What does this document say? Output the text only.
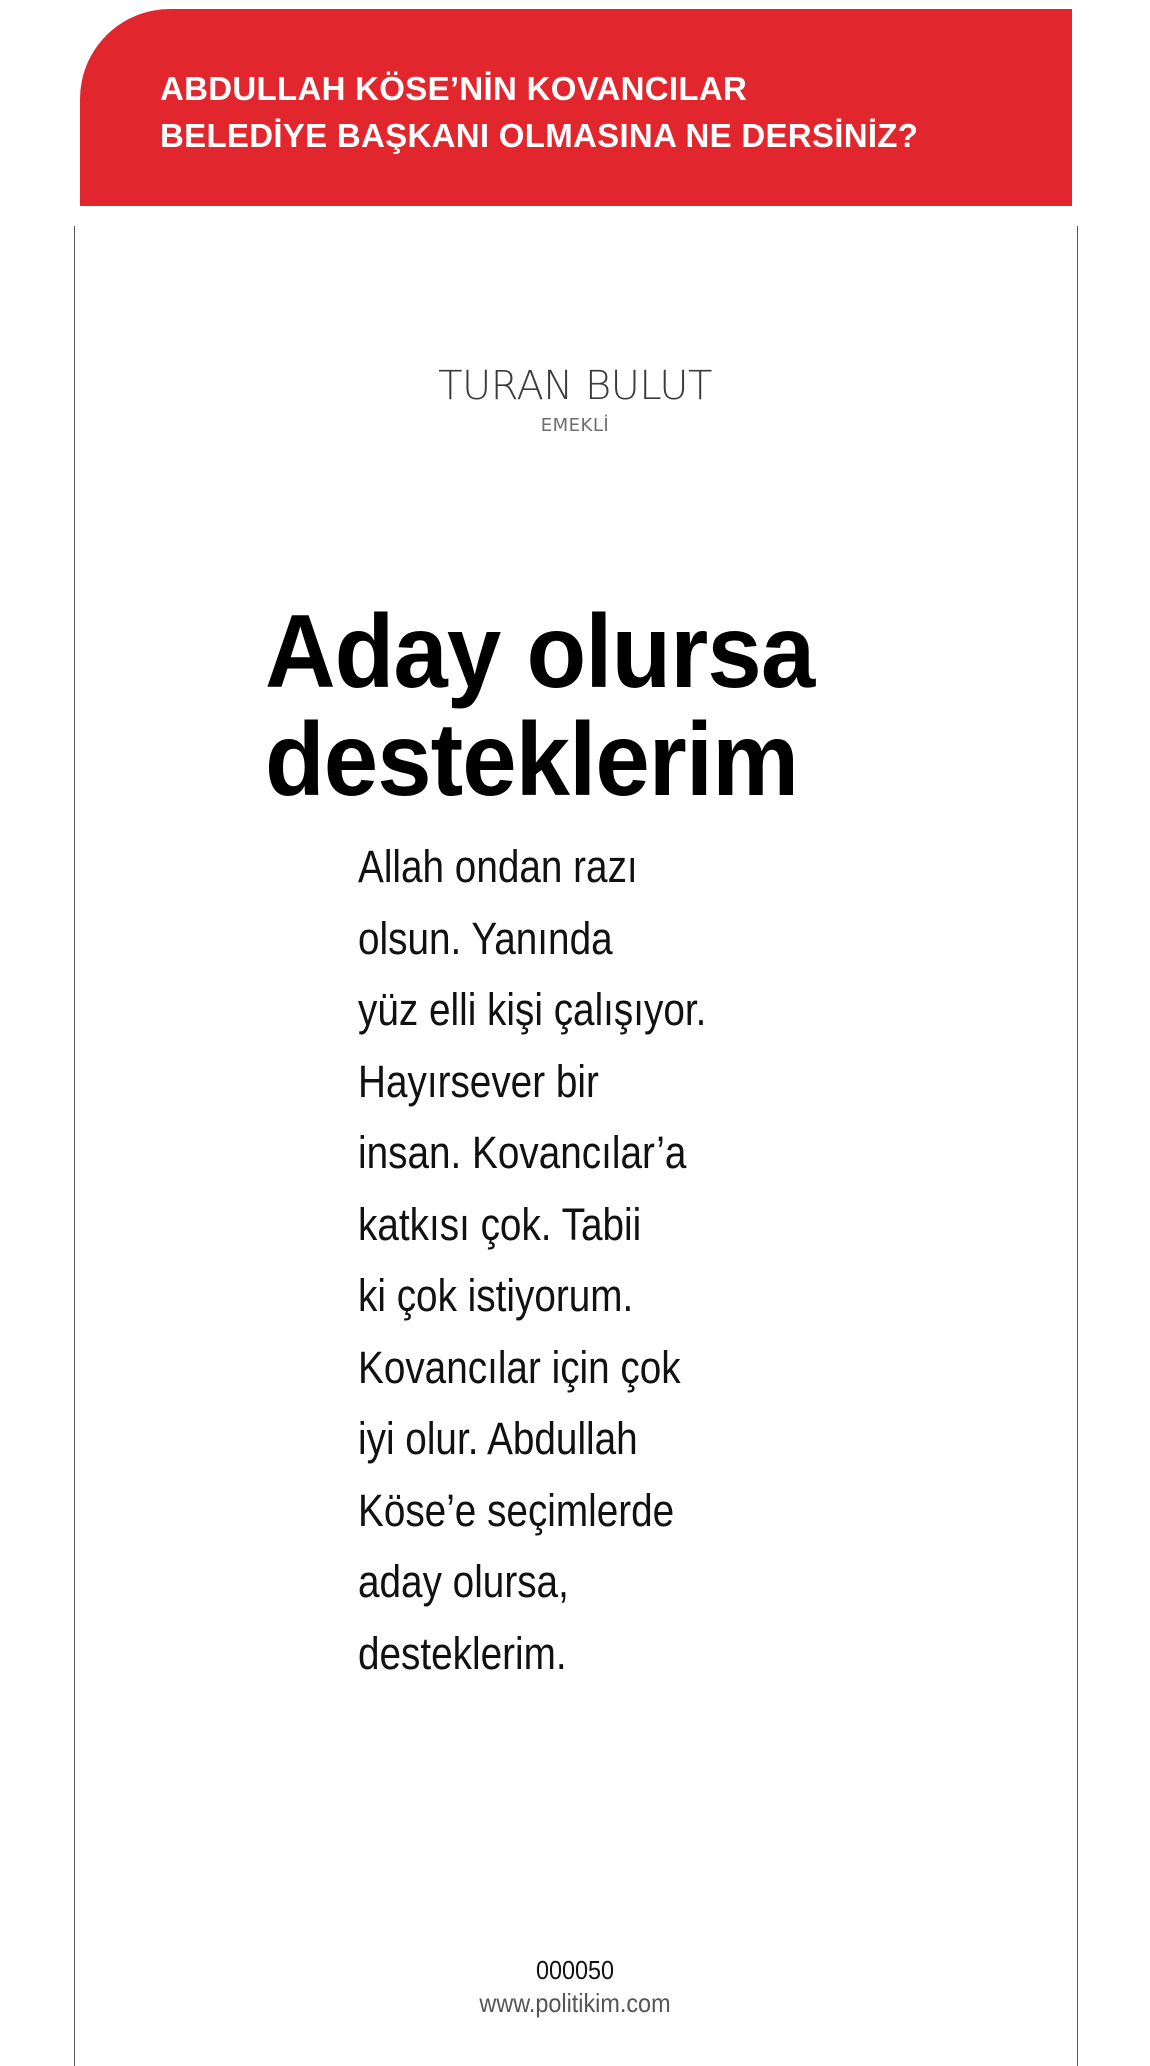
ABDULLAH KÖSE’NİN KOVANCILAR
BELEDİYE BAŞKANI OLMASINA NE DERSİNİZ?
TURAN BULUT
EMEKLİ
Aday olursa
desteklerim

Allah ondan razı
olsun. Yanında
yüz elli kişi çalışıyor.
Hayırsever bir
insan. Kovancılar’a
katkısı çok. Tabii
ki çok istiyorum.
Kovancılar için çok
iyi olur. Abdullah
Köse’e seçimlerde
aday olursa,
desteklerim.

000050
www.politikim.com
